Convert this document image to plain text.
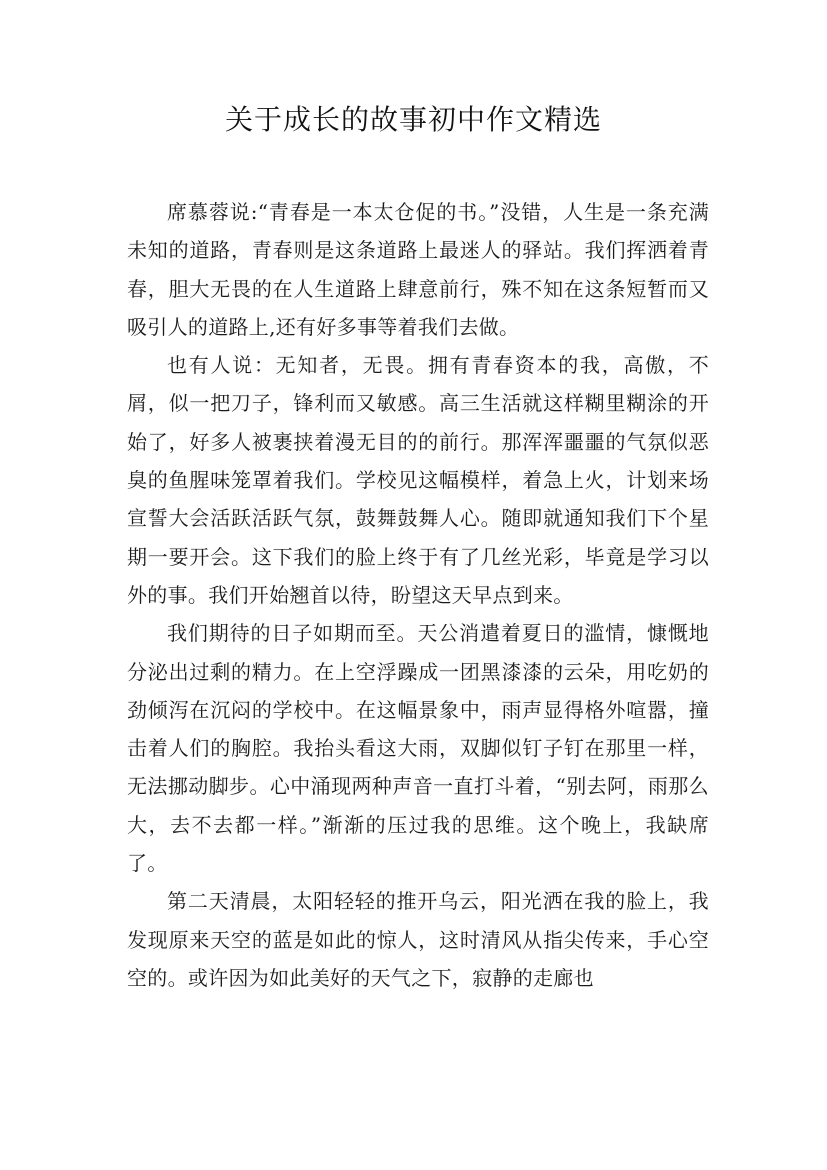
关于成长的故事初中作文精选

席慕蓉说:“青春是一本太仓促的书。”没错，人生是一条充满未知的道路，青春则是这条道路上最迷人的驿站。我们挥洒着青春，胆大无畏的在人生道路上肆意前行，殊不知在这条短暂而又吸引人的道路上,还有好多事等着我们去做。

也有人说：无知者，无畏。拥有青春资本的我，高傲，不屑，似一把刀子，锋利而又敏感。高三生活就这样糊里糊涂的开始了，好多人被裹挟着漫无目的的前行。那浑浑噩噩的气氛似恶臭的鱼腥味笼罩着我们。学校见这幅模样，着急上火，计划来场宣誓大会活跃活跃气氛，鼓舞鼓舞人心。随即就通知我们下个星期一要开会。这下我们的脸上终于有了几丝光彩，毕竟是学习以外的事。我们开始翘首以待，盼望这天早点到来。

我们期待的日子如期而至。天公消遣着夏日的滥情，慷慨地分泌出过剩的精力。在上空浮躁成一团黑漆漆的云朵，用吃奶的劲倾泻在沉闷的学校中。在这幅景象中，雨声显得格外喧嚣，撞击着人们的胸腔。我抬头看这大雨，双脚似钉子钉在那里一样，无法挪动脚步。心中涌现两种声音一直打斗着，“别去阿，雨那么大，去不去都一样。”渐渐的压过我的思维。这个晚上，我缺席了。

第二天清晨，太阳轻轻的推开乌云，阳光洒在我的脸上，我发现原来天空的蓝是如此的惊人，这时清风从指尖传来，手心空空的。或许因为如此美好的天气之下，寂静的走廊也
